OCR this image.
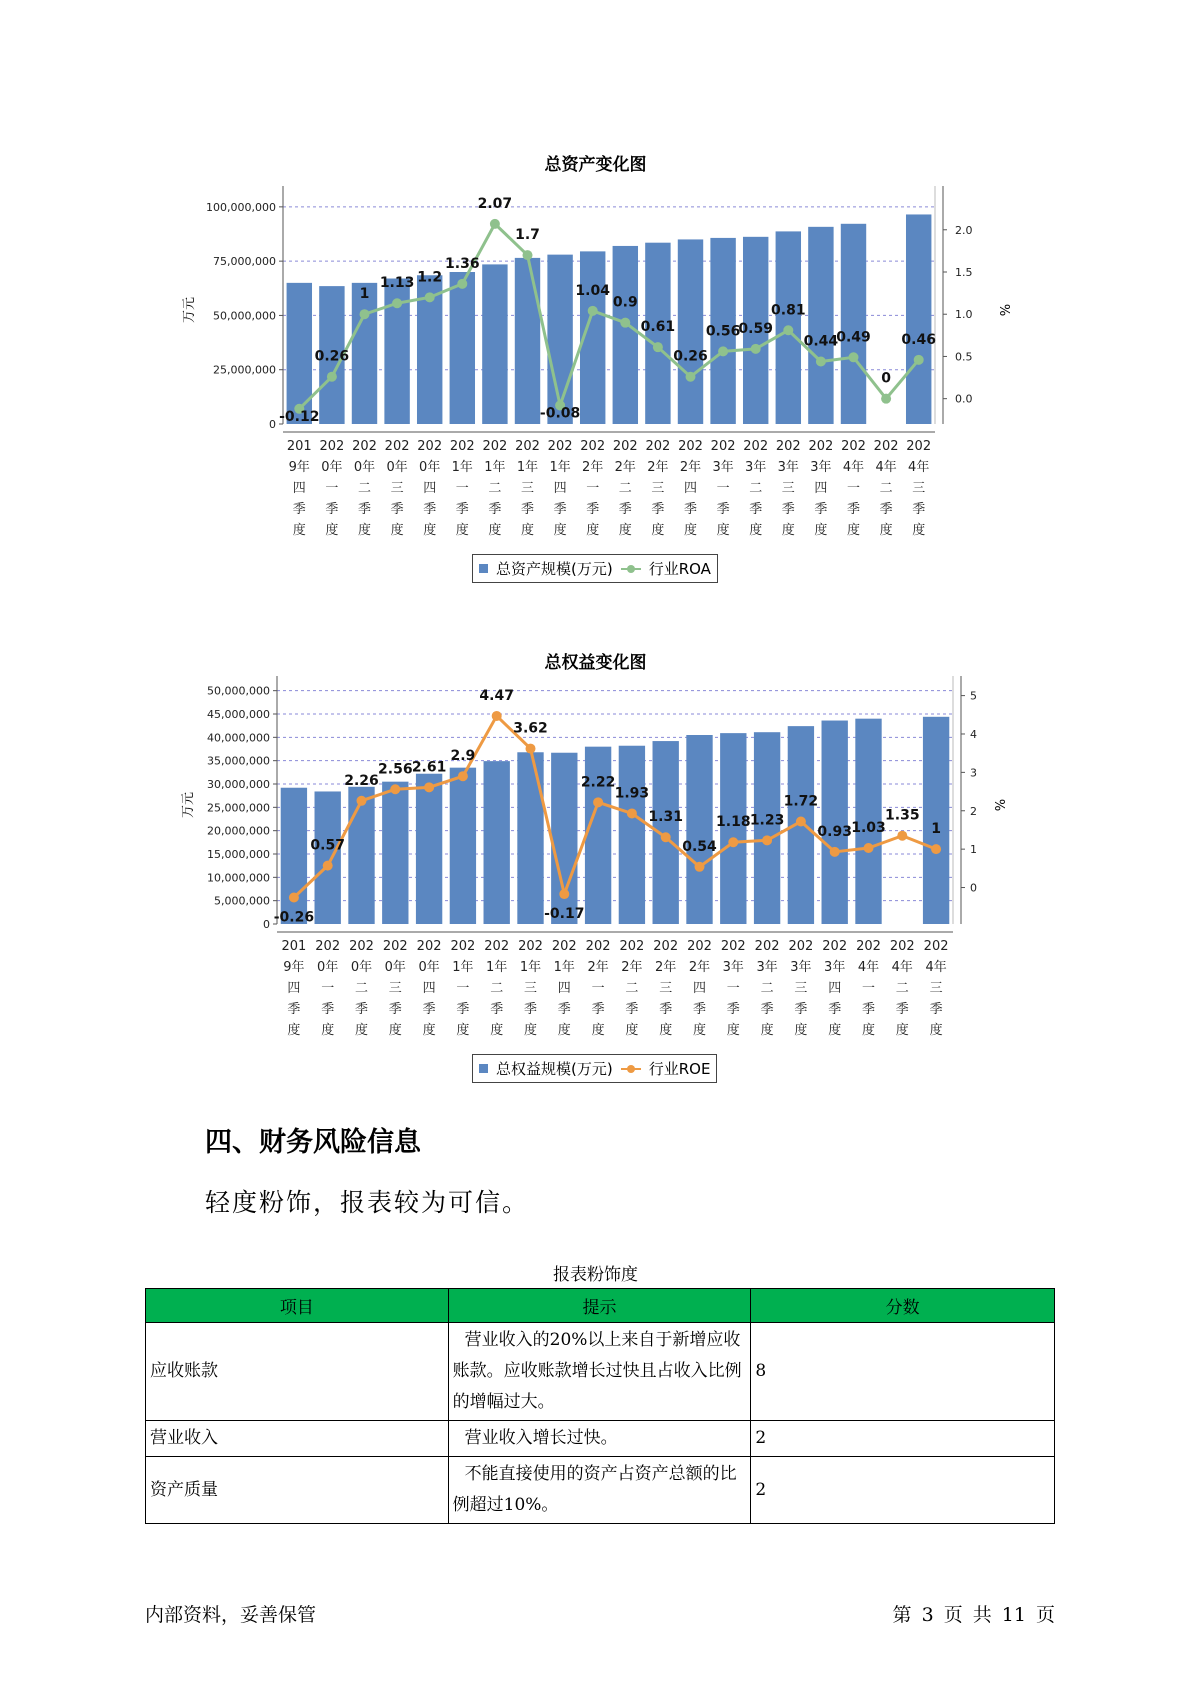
总资产变化图
0
25,000,000
50,000,000
75,000,000
100,000,000
0.0
0.5
1.0
1.5
2.0
万元	%
-0.12
0.26
1
1.13 1.2
1.36
2.07
1.7
-0.08
1.04
0.9
0.61
0.26
0.56
0.59
0.81
0.44
0.49
0
0.46
201 9年四季度
202 0年一季度
202 0年二季度
202 0年三季度
202 0年四季度
202 1年一季度
202 1年二季度
202 1年三季度
202 1年四季度
202 2年一季度
202 2年二季度
202 2年三季度
202 2年四季度
202 3年一季度
202 3年二季度
202 3年三季度
202 3年四季度
202 4年一季度
202 4年二季度
202 4年三季度
总资产规模(万元) 行业ROA
总权益变化图
0
5,000,000
10,000,000
15,000,000
20,000,000
25,000,000
30,000,000
35,000,000
40,000,000
45,000,000
50,000,000
0
1
2
3
4
5
万元	%
-0.26
0.57
2.26
2.56 2.61
2.9
4.47
3.62
-0.17
2.22
1.93
1.31
0.54
1.18 1.23
1.72
0.93 1.03
1.35
1
201 9年四季度
202 0年一季度
202 0年二季度
202 0年三季度
202 0年四季度
202 1年一季度
202 1年二季度
202 1年三季度
202 1年四季度
202 2年一季度
202 2年二季度
202 2年三季度
202 2年四季度
202 3年一季度
202 3年二季度
202 3年三季度
202 3年四季度
202 4年一季度
202 4年二季度
202 4年三季度
总权益规模(万元) 行业ROE
四、财务风险信息

轻度粉饰，报表较为可信。

报表粉饰度
项目	提示	分数
应收账款	营业收入的20%以上来自于新增应收账款。应收账款增长过快且占收入比例的增幅过大。	8
营业收入	营业收入增长过快。	2
资产质量	不能直接使用的资产占资产总额的比例超过10%。	2
内部资料，妥善保管	第 3 页 共 11 页
